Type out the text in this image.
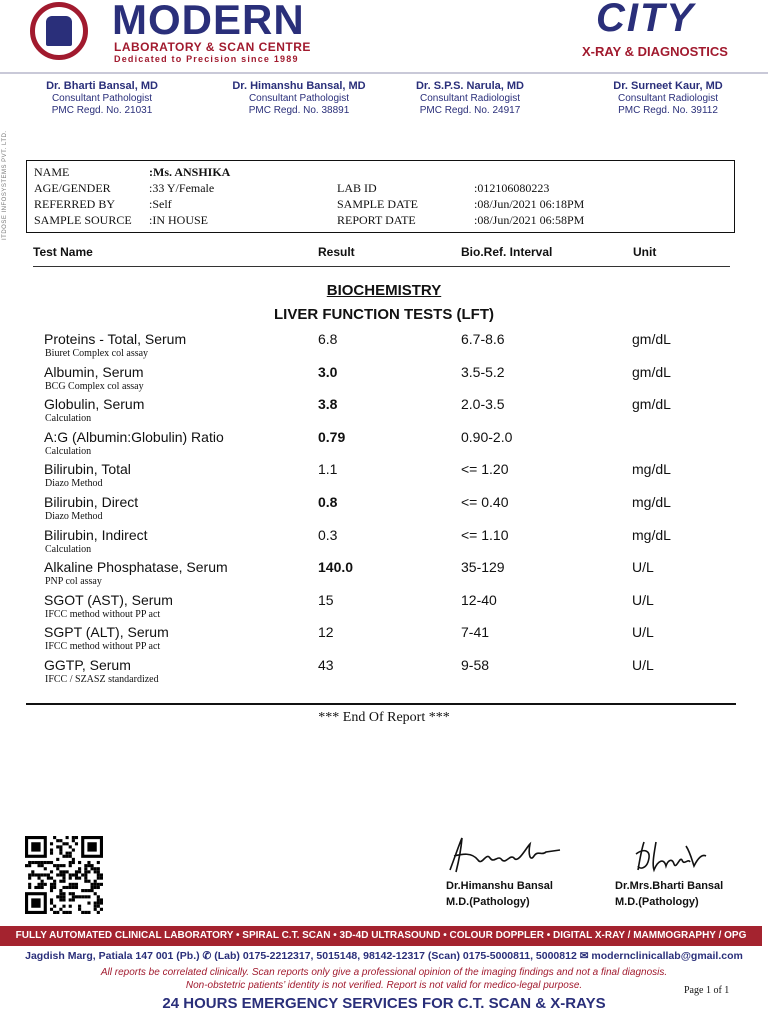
MODERN
LABORATORY & SCAN CENTRE
Dedicated to Precision since 1989
CITY
X-RAY & DIAGNOSTICS
Dr. Bharti Bansal, MD
Consultant Pathologist
PMC Regd. No. 21031
Dr. Himanshu Bansal, MD
Consultant Pathologist
PMC Regd. No. 38891
Dr. S.P.S. Narula, MD
Consultant Radiologist
PMC Regd. No. 24917
Dr. Surneet Kaur, MD
Consultant Radiologist
PMC Regd. No. 39112
ITDOSE INFOSYSTEMS PVT. LTD. NAME	:Ms. ANSHIKA
AGE/GENDER	:33 Y/Female
REFERRED BY	:Self
SAMPLE SOURCE :IN HOUSE
LAB ID	:012106080223
SAMPLE DATE	:08/Jun/2021 06:18PM
REPORT DATE	:08/Jun/2021 06:58PM
Test Name	Result	Bio.Ref. Interval	Unit
BIOCHEMISTRY
LIVER FUNCTION TESTS (LFT)
Proteins - Total, Serum
Biuret Complex col assay
6.8	6.7-8.6	gm/dL
Albumin, Serum
BCG Complex col assay
3.0	3.5-5.2	gm/dL
Globulin, Serum
Calculation
3.8	2.0-3.5	gm/dL
A:G (Albumin:Globulin) Ratio
Calculation
0.79	0.90-2.0
Bilirubin, Total
Diazo Method
1.1	<= 1.20	mg/dL
Bilirubin, Direct
Diazo Method
0.8	<= 0.40	mg/dL
Bilirubin, Indirect
Calculation
0.3	<= 1.10	mg/dL
Alkaline Phosphatase, Serum
PNP col assay
140.0	35-129	U/L
SGOT (AST), Serum
IFCC method without PP act
15	12-40	U/L
SGPT (ALT), Serum
IFCC method without PP act
12	7-41	U/L
GGTP, Serum
IFCC / SZASZ standardized
43	9-58	U/L
*** End Of Report ***
Dr.Himanshu Bansal
M.D.(Pathology)
Dr.Mrs.Bharti Bansal
M.D.(Pathology)
FULLY AUTOMATED CLINICAL LABORATORY • SPIRAL C.T. SCAN • 3D-4D ULTRASOUND • COLOUR DOPPLER • DIGITAL X-RAY / MAMMOGRAPHY / OPG
Jagdish Marg, Patiala 147 001 (Pb.) ✆ (Lab) 0175-2212317, 5015148, 98142-12317 (Scan) 0175-5000811, 5000812 ✉ modernclinicallab@gmail.com
All reports be correlated clinically. Scan reports only give a professional opinion of the imaging findings and not a final diagnosis.
Non-obstetric patients’ identity is not verified. Report is not valid for medico-legal purpose.	Page 1 of 1
24 HOURS EMERGENCY SERVICES FOR C.T. SCAN & X-RAYS
